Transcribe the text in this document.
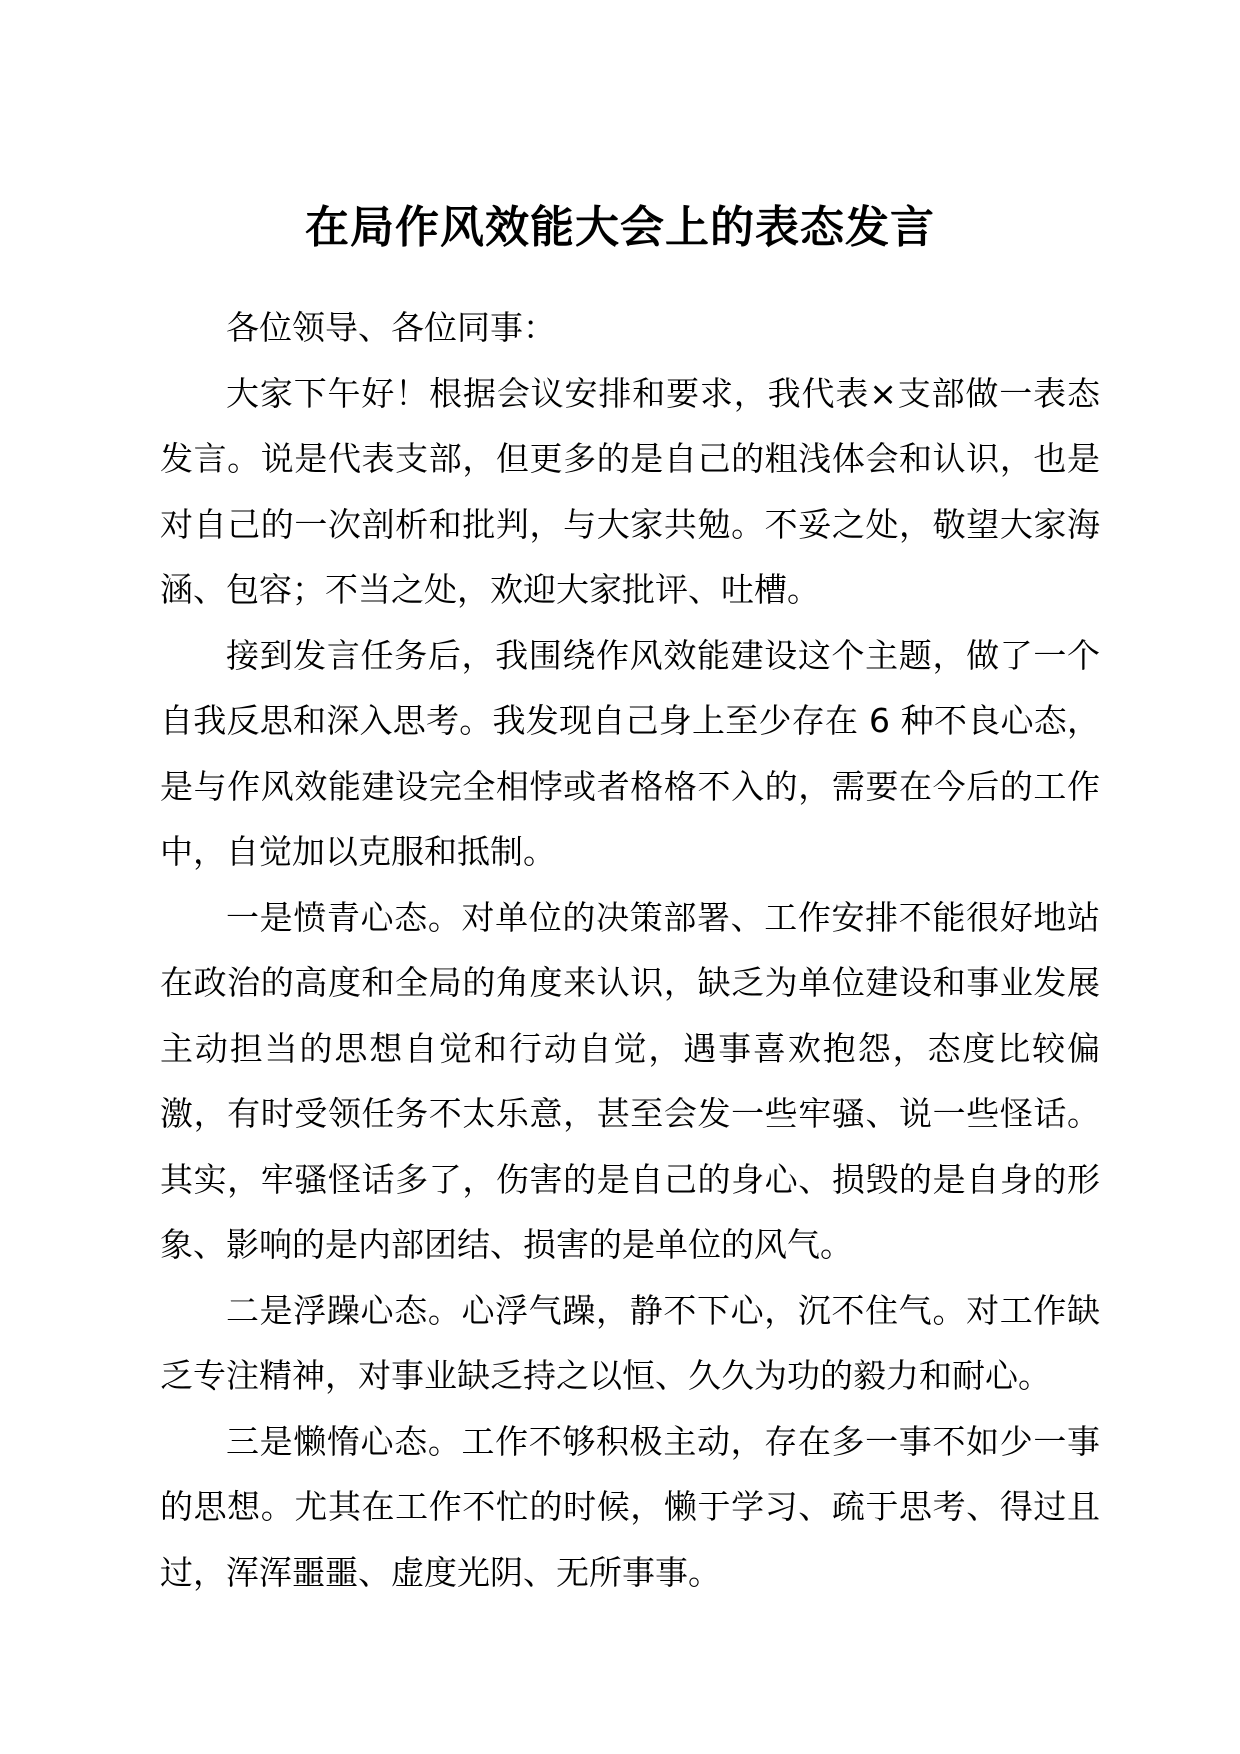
在局作风效能大会上的表态发言

各位领导、各位同事：

大家下午好！根据会议安排和要求，我代表×支部做一表态发言。说是代表支部，但更多的是自己的粗浅体会和认识，也是对自己的一次剖析和批判，与大家共勉。不妥之处，敬望大家海涵、包容；不当之处，欢迎大家批评、吐槽。

接到发言任务后，我围绕作风效能建设这个主题，做了一个自我反思和深入思考。我发现自己身上至少存在 6 种不良心态，是与作风效能建设完全相悖或者格格不入的，需要在今后的工作中，自觉加以克服和抵制。

一是愤青心态。对单位的决策部署、工作安排不能很好地站在政治的高度和全局的角度来认识，缺乏为单位建设和事业发展主动担当的思想自觉和行动自觉，遇事喜欢抱怨，态度比较偏激，有时受领任务不太乐意，甚至会发一些牢骚、说一些怪话。其实，牢骚怪话多了，伤害的是自己的身心、损毁的是自身的形象、影响的是内部团结、损害的是单位的风气。

二是浮躁心态。心浮气躁，静不下心，沉不住气。对工作缺乏专注精神，对事业缺乏持之以恒、久久为功的毅力和耐心。

三是懒惰心态。工作不够积极主动，存在多一事不如少一事的思想。尤其在工作不忙的时候，懒于学习、疏于思考、得过且过，浑浑噩噩、虚度光阴、无所事事。
